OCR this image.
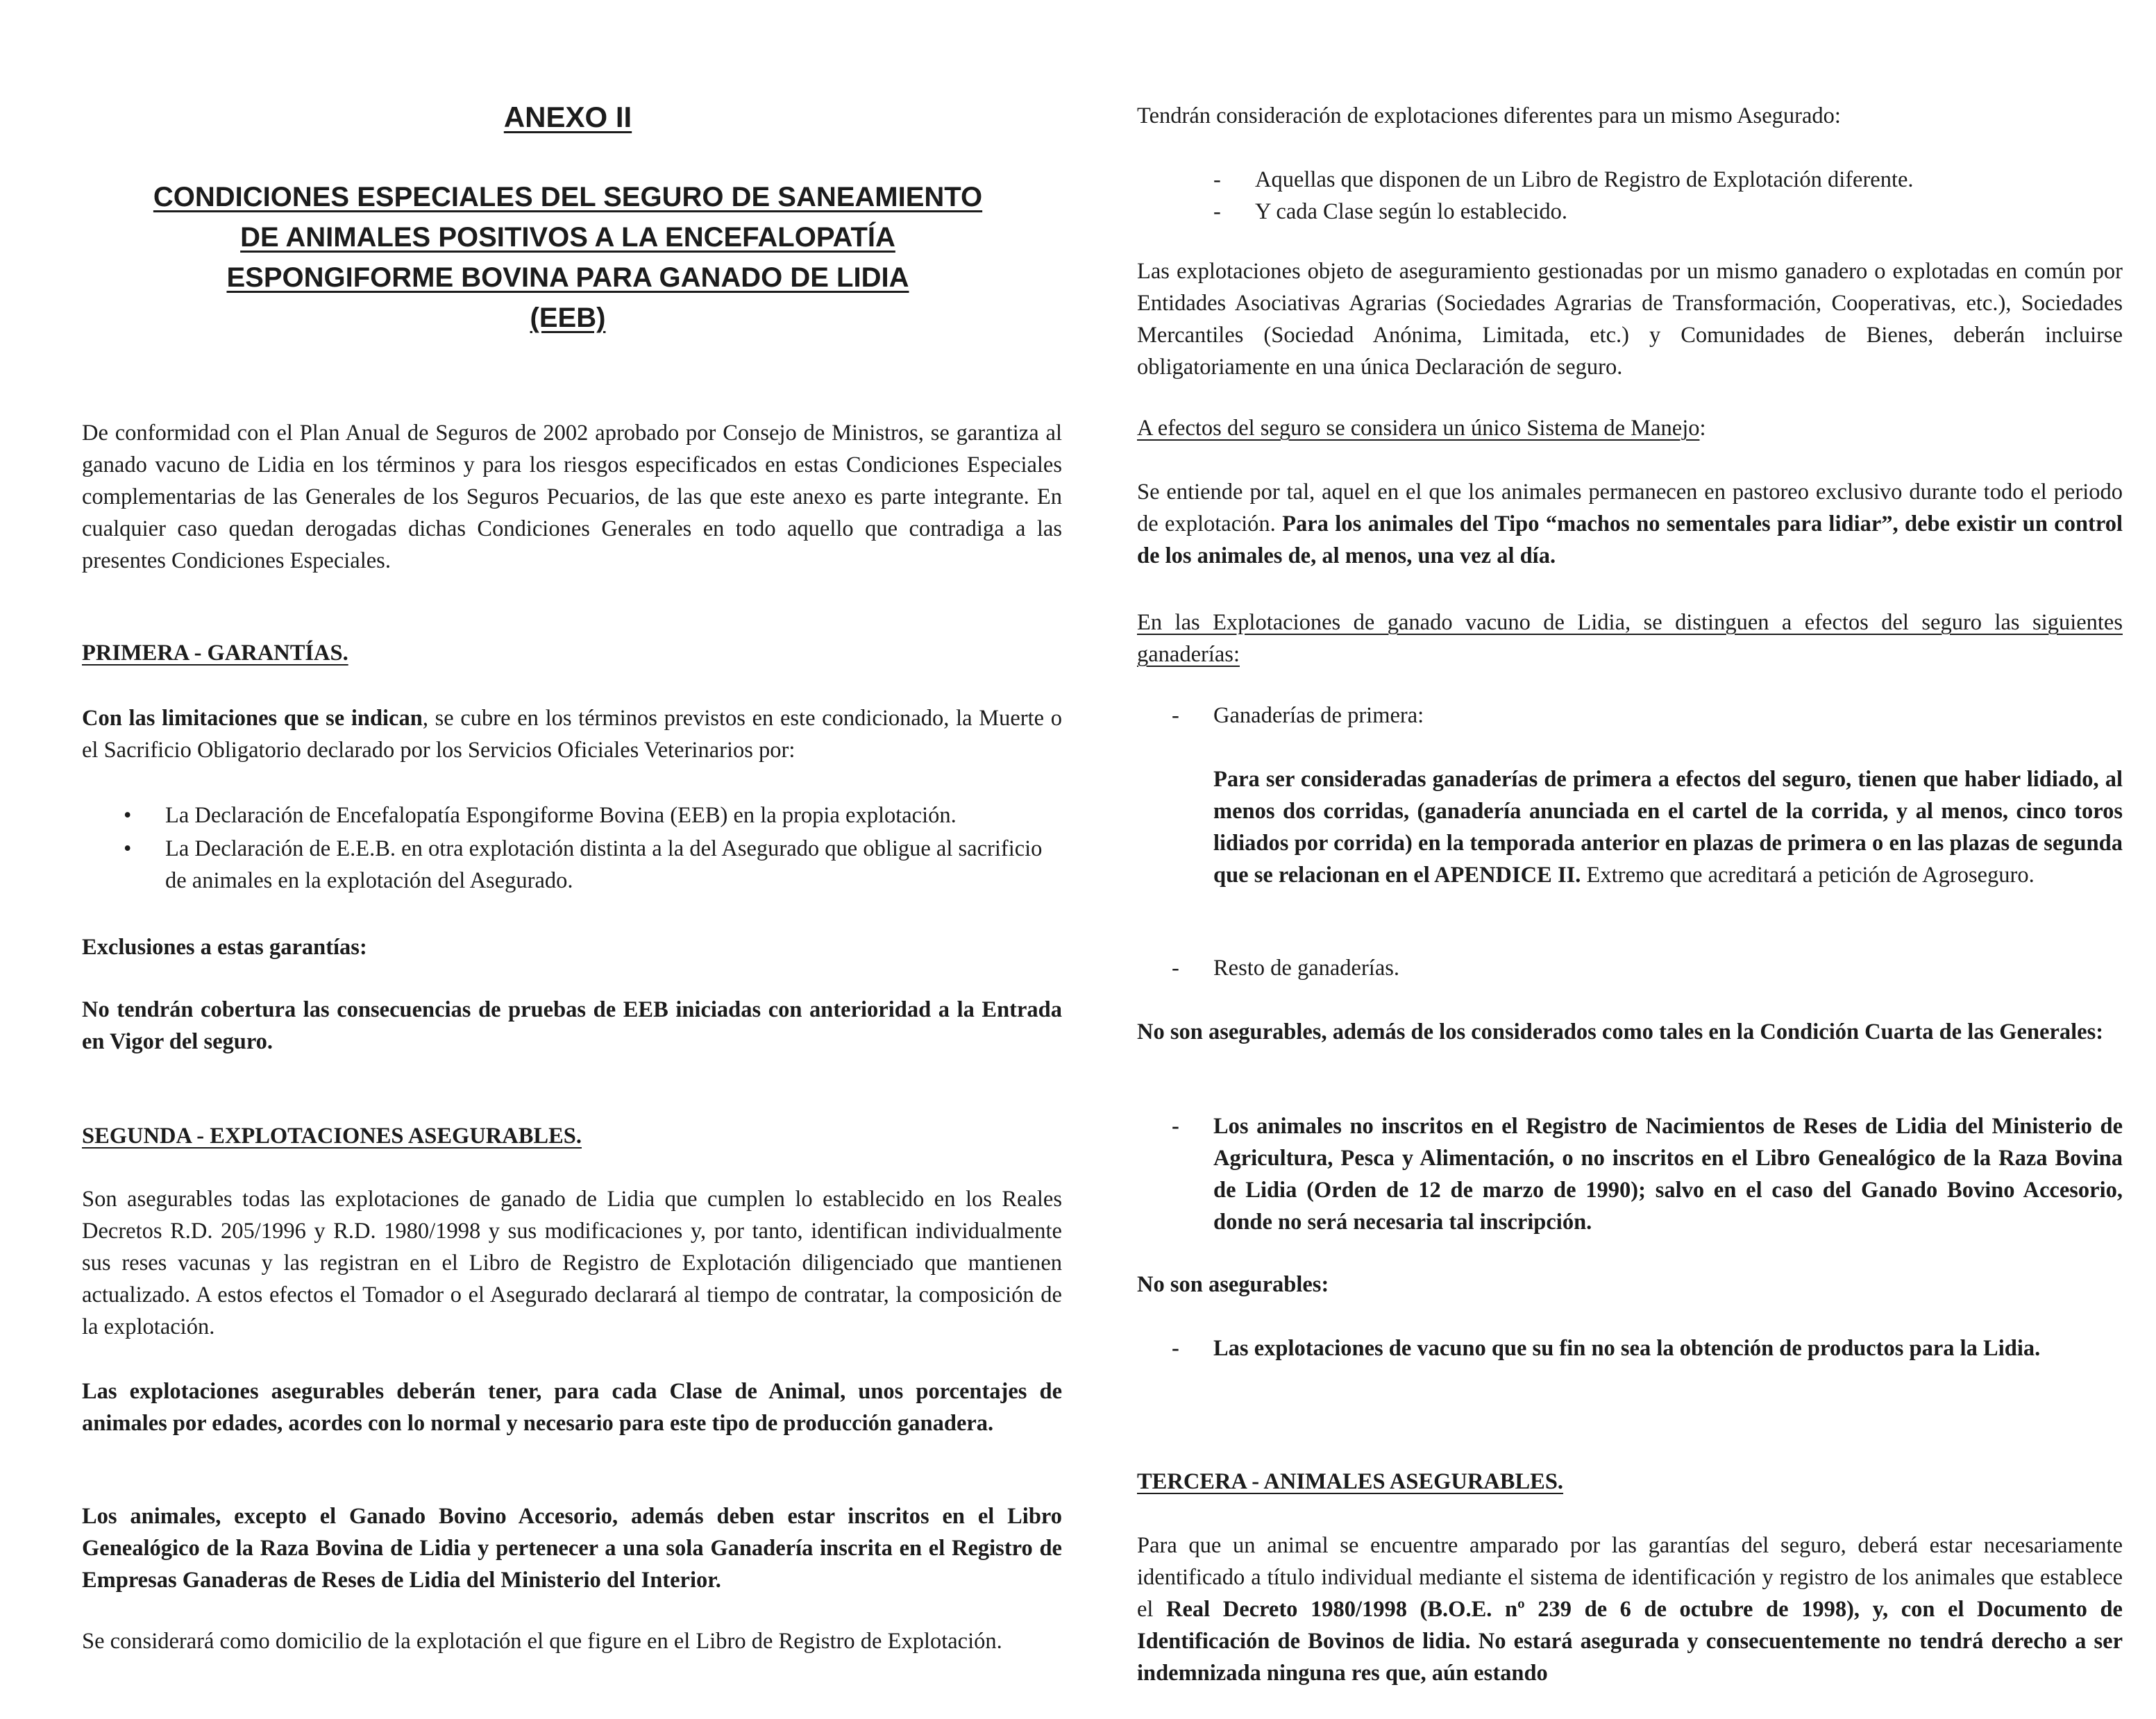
ANEXO II

CONDICIONES ESPECIALES DEL SEGURO DE SANEAMIENTO

DE ANIMALES POSITIVOS A LA ENCEFALOPATÍA

ESPONGIFORME BOVINA PARA GANADO DE LIDIA

(EEB)

De conformidad con el Plan Anual de Seguros de 2002 aprobado por Consejo de Ministros, se garantiza al ganado vacuno de Lidia en los términos y para los riesgos especificados en estas Condiciones Especiales complementarias de las Generales de los Seguros Pecuarios, de las que este anexo es parte integrante. En cualquier caso quedan derogadas dichas Condiciones Generales en todo aquello que contradiga a las presentes Condiciones Especiales.

PRIMERA - GARANTÍAS.

Con las limitaciones que se indican, se cubre en los términos previstos en este condicionado, la Muerte o el Sacrificio Obligatorio declarado por los Servicios Oficiales Veterinarios por:

• La Declaración de Encefalopatía Espongiforme Bovina (EEB) en la propia explotación.
• La Declaración de E.E.B. en otra explotación distinta a la del Asegurado que obligue al sacrificio de animales en la explotación del Asegurado.

Exclusiones a estas garantías:

No tendrán cobertura las consecuencias de pruebas de EEB iniciadas con anterioridad a la Entrada en Vigor del seguro.

SEGUNDA - EXPLOTACIONES ASEGURABLES.

Son asegurables todas las explotaciones de ganado de Lidia que cumplen lo establecido en los Reales Decretos R.D. 205/1996 y R.D. 1980/1998 y sus modificaciones y, por tanto, identifican individualmente sus reses vacunas y las registran en el Libro de Registro de Explotación diligenciado que mantienen actualizado. A estos efectos el Tomador o el Asegurado declarará al tiempo de contratar, la composición de la explotación.

Las explotaciones asegurables deberán tener, para cada Clase de Animal, unos porcentajes de animales por edades, acordes con lo normal y necesario para este tipo de producción ganadera.

Los animales, excepto el Ganado Bovino Accesorio, además deben estar inscritos en el Libro Genealógico de la Raza Bovina de Lidia y pertenecer a una sola Ganadería inscrita en el Registro de Empresas Ganaderas de Reses de Lidia del Ministerio del Interior.

Se considerará como domicilio de la explotación el que figure en el Libro de Registro de Explotación.

Tendrán consideración de explotaciones diferentes para un mismo Asegurado:

- Aquellas que disponen de un Libro de Registro de Explotación diferente.
- Y cada Clase según lo establecido.

Las explotaciones objeto de aseguramiento gestionadas por un mismo ganadero o explotadas en común por Entidades Asociativas Agrarias (Sociedades Agrarias de Transformación, Cooperativas, etc.), Sociedades Mercantiles (Sociedad Anónima, Limitada, etc.) y Comunidades de Bienes, deberán incluirse obligatoriamente en una única Declaración de seguro.

A efectos del seguro se considera un único Sistema de Manejo:

Se entiende por tal, aquel en el que los animales permanecen en pastoreo exclusivo durante todo el periodo de explotación. Para los animales del Tipo “machos no sementales para lidiar”, debe existir un control de los animales de, al menos, una vez al día.

En las Explotaciones de ganado vacuno de Lidia, se distinguen a efectos del seguro las siguientes ganaderías:

- Ganaderías de primera:

Para ser consideradas ganaderías de primera a efectos del seguro, tienen que haber lidiado, al menos dos corridas, (ganadería anunciada en el cartel de la corrida, y al menos, cinco toros lidiados por corrida) en la temporada anterior en plazas de primera o en las plazas de segunda que se relacionan en el APENDICE II. Extremo que acreditará a petición de Agroseguro.

- Resto de ganaderías.

No son asegurables, además de los considerados como tales en la Condición Cuarta de las Generales:

- Los animales no inscritos en el Registro de Nacimientos de Reses de Lidia del Ministerio de Agricultura, Pesca y Alimentación, o no inscritos en el Libro Genealógico de la Raza Bovina de Lidia (Orden de 12 de marzo de 1990); salvo en el caso del Ganado Bovino Accesorio, donde no será necesaria tal inscripción.

No son asegurables:

- Las explotaciones de vacuno que su fin no sea la obtención de productos para la Lidia.

TERCERA - ANIMALES ASEGURABLES.

Para que un animal se encuentre amparado por las garantías del seguro, deberá estar necesariamente identificado a título individual mediante el sistema de identificación y registro de los animales que establece el Real Decreto 1980/1998 (B.O.E. nº 239 de 6 de octubre de 1998), y, con el Documento de Identificación de Bovinos de lidia. No estará asegurada y consecuentemente no tendrá derecho a ser indemnizada ninguna res que, aún estando
